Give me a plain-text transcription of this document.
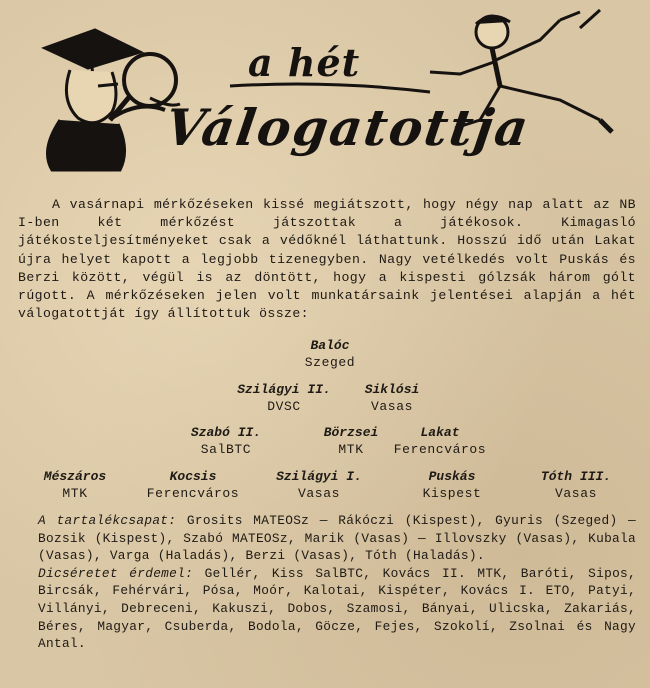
a hét
Válogatottja

A vasárnapi mérkőzéseken kissé megiátszott, hogy négy nap alatt az NB I-ben két mérkőzést játszottak a játékosok. Kimagasló játékosteljesítményeket csak a védőknél láthattunk. Hosszú idő után Lakat újra helyet kapott a legjobb tizenegyben. Nagy vetélkedés volt Puskás és Berzi között, végül is az döntött, hogy a kispesti gólzsák három gólt rúgott. A mérkőzéseken jelen volt munkatársaink jelentései alapján a hét válogatottját így állítottuk össze:

Balóc
Szeged
Szilágyi II.
DVSC
Siklósi
Vasas
Szabó II.
SalBTC
Börzsei
MTK
Lakat
Ferencváros
Mészáros
MTK
Kocsis
Ferencváros
Szilágyi I.
Vasas
Puskás
Kispest
Tóth III.
Vasas

A tartalékcsapat: Grosits MATEOSz — Rákóczi (Kispest), Gyuris (Szeged) — Bozsik (Kispest), Szabó MATEOSz, Marik (Vasas) — Illovszky (Vasas), Kubala (Vasas), Varga (Haladás), Berzi (Vasas), Tóth (Haladás).

Dicséretet érdemel: Gellér, Kiss SalBTC, Kovács II. MTK, Baróti, Sipos, Bircsák, Fehérvári, Pósa, Moór, Kalotai, Kispéter, Kovács I. ETO, Patyi, Villányi, Debreceni, Kakuszi, Dobos, Szamosi, Bányai, Ulicska, Zakariás, Béres, Magyar, Csuberda, Bodola, Göcze, Fejes, Szokolí, Zsolnai és Nagy Antal.
